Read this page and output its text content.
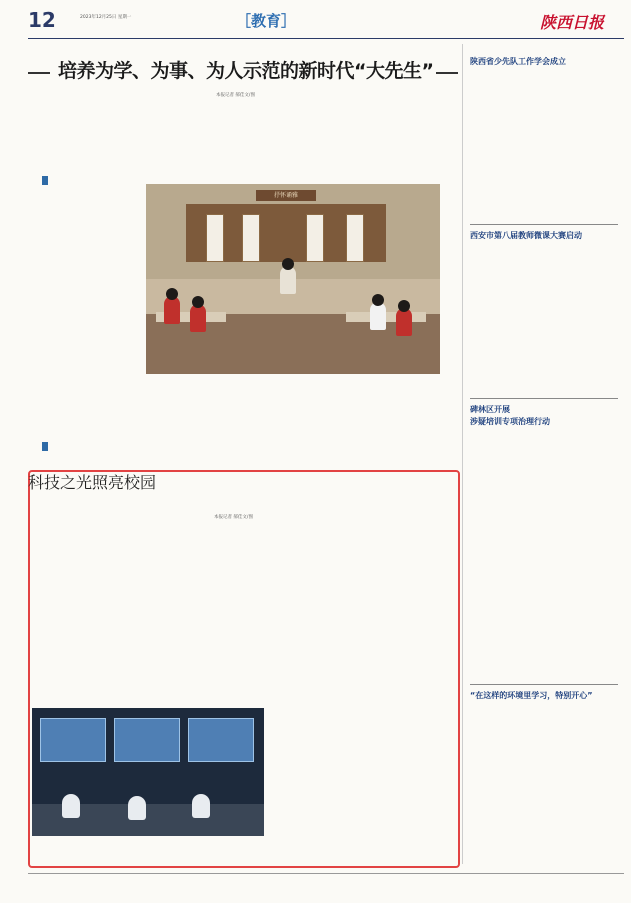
12	2023年12月25日 星期一	［教育］	陕西日报
培养为学、为事、为人示范的新时代“大先生”
本报记者 郝佳文/图

抒怀诵雅

陕西省少先队工作学会成立

西安市第八届教师微课大赛启动

碑林区开展
涉疑培训专项治理行动

“在这样的环境里学习，特别开心”

科技之光照亮校园
本报记者 郝佳文/图
